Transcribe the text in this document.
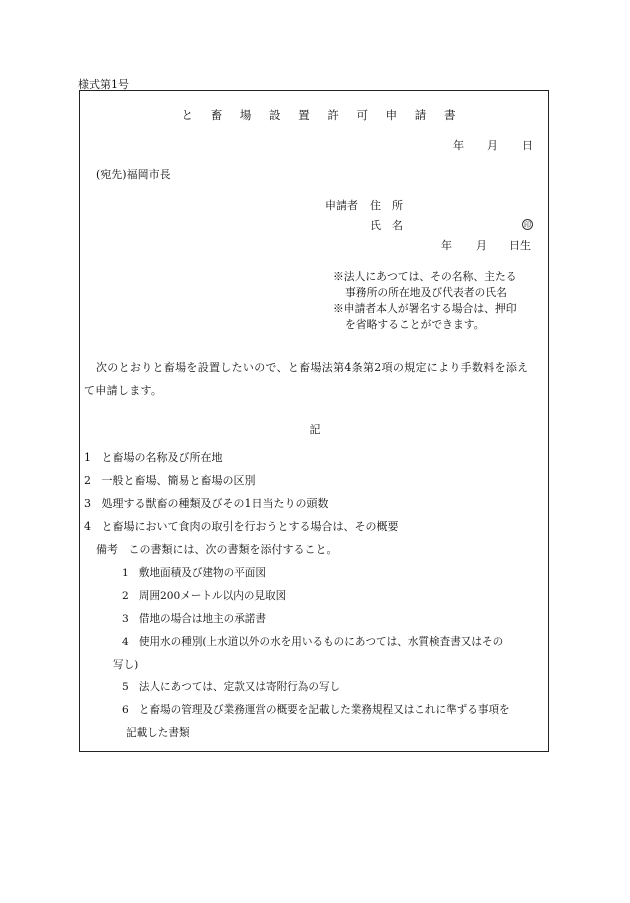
様式第1号
と 畜 場 設 置 許 可 申 請 書
年 月 日
(宛先)福岡市長
申請者 住　所
氏　名	印
年 月 日生
※法人にあつては、その名称、主たる
事務所の所在地及び代表者の氏名
※申請者本人が署名する場合は、押印
を省略することができます。
次のとおりと畜場を設置したいので、と畜場法第4条第2項の規定により手数料を添え
て申請します。
記
1 と畜場の名称及び所在地
2 一般と畜場、簡易と畜場の区別
3 処理する獣畜の種類及びその1日当たりの頭数
4 と畜場において食肉の取引を行おうとする場合は、その概要
備考 この書類には、次の書類を添付すること。
1 敷地面積及び建物の平面図
2 周囲200メートル以内の見取図
3 借地の場合は地主の承諾書
4 使用水の種別(上水道以外の水を用いるものにあつては、水質検査書又はその
写し)
5 法人にあつては、定款又は寄附行為の写し
6 と畜場の管理及び業務運営の概要を記載した業務規程又はこれに準ずる事項を
記載した書類
